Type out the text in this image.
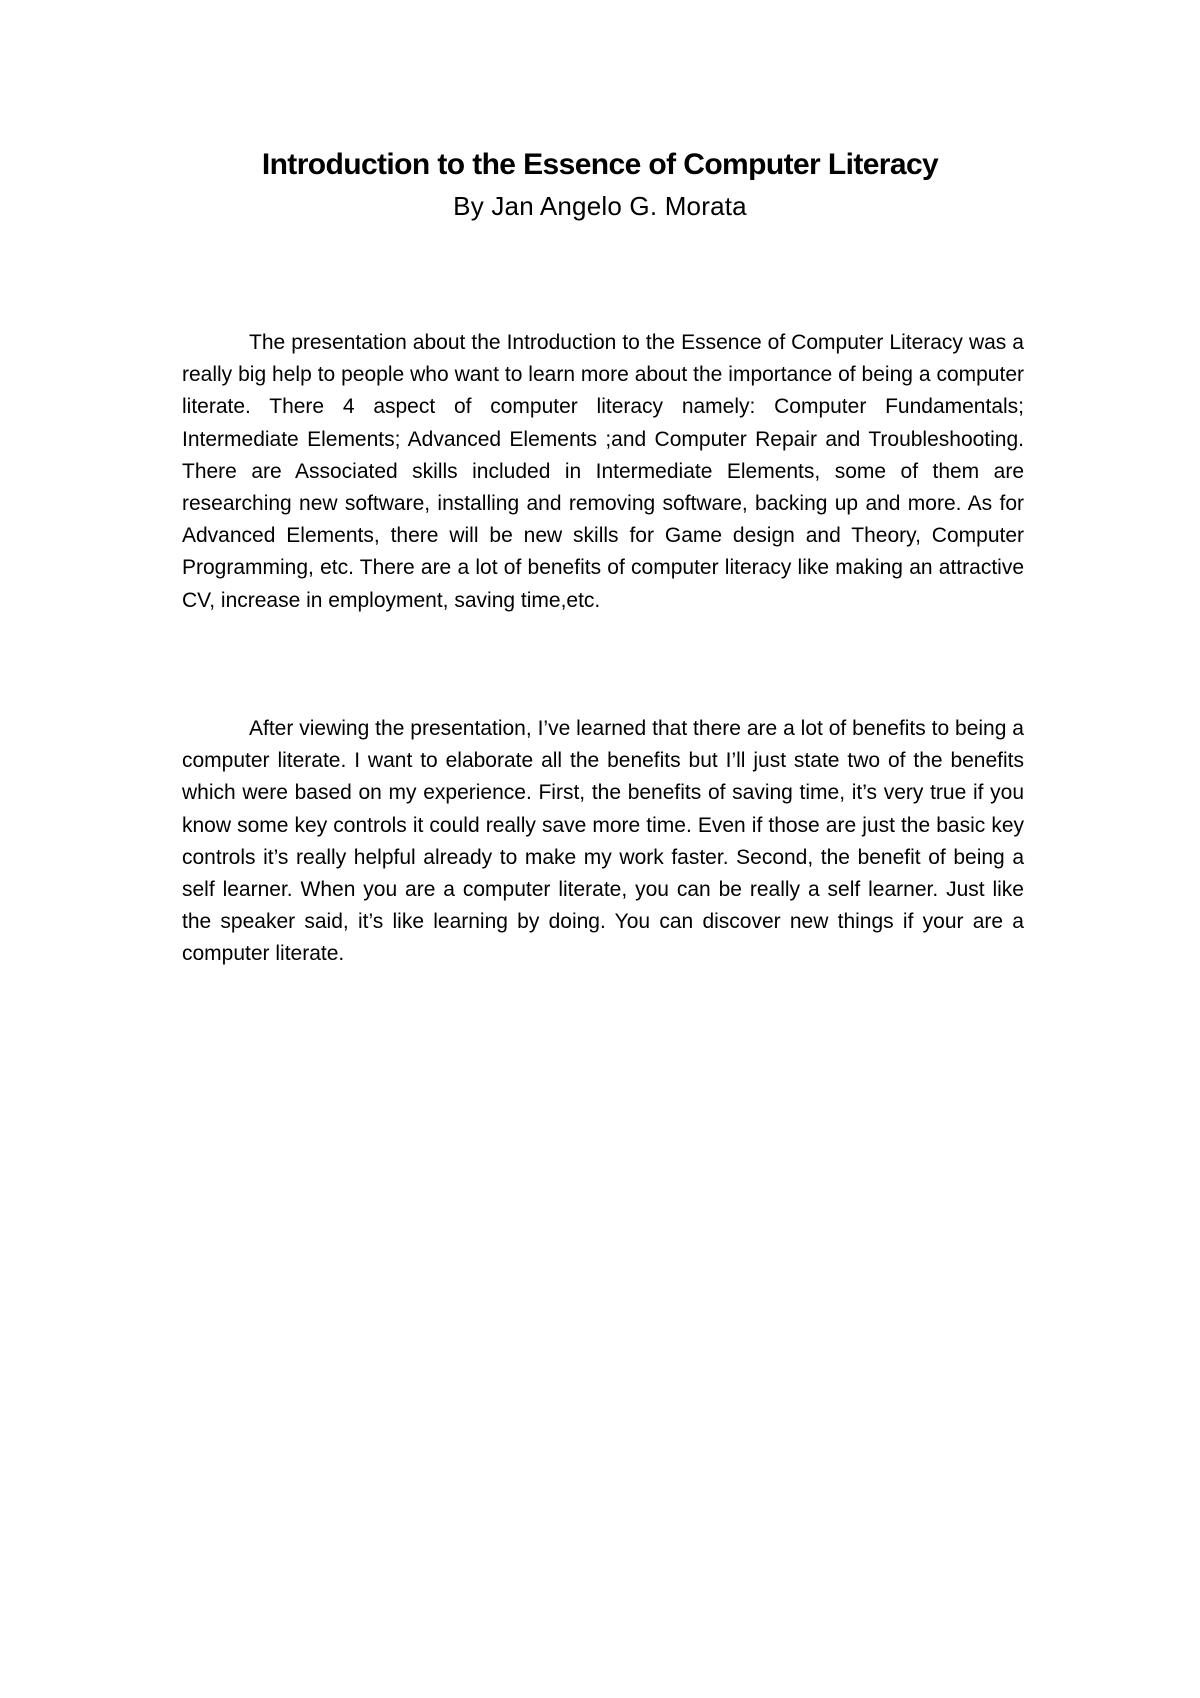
Introduction to the Essence of Computer Literacy

By Jan Angelo G. Morata

The presentation about the Introduction to the Essence of Computer Literacy was a really big help to people who want to learn more about the importance of being a computer literate. There 4 aspect of computer literacy namely: Computer Fundamentals; Intermediate Elements; Advanced Elements ;and Computer Repair and Troubleshooting. There are Associated skills included in Intermediate Elements, some of them are researching new software, installing and removing software, backing up and more. As for Advanced Elements, there will be new skills for Game design and Theory, Computer Programming, etc. There are a lot of benefits of computer literacy like making an attractive CV, increase in employment, saving time,etc.

After viewing the presentation, I’ve learned that there are a lot of benefits to being a computer literate. I want to elaborate all the benefits but I’ll just state two of the benefits which were based on my experience. First, the benefits of saving time, it’s very true if you know some key controls it could really save more time. Even if those are just the basic key controls it’s really helpful already to make my work faster. Second, the benefit of being a self learner. When you are a computer literate, you can be really a self learner. Just like the speaker said, it’s like learning by doing. You can discover new things if your are a computer literate.
